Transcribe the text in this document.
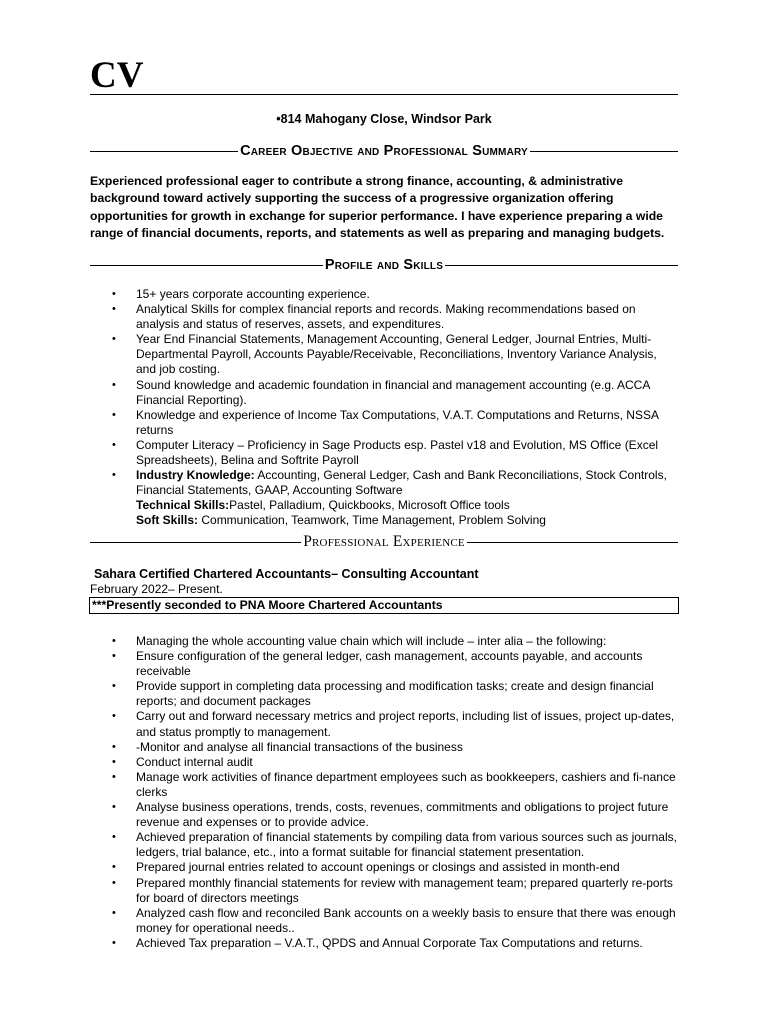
CV
•814 Mahogany Close, Windsor Park
Career Objective and Professional Summary
Experienced professional eager to contribute a strong finance, accounting, & administrative background toward actively supporting the success of a progressive organization offering opportunities for growth in exchange for superior performance. I have experience preparing a wide range of financial documents, reports, and statements as well as preparing and managing budgets.
Profile and Skills
• 15+ years corporate accounting experience.
• Analytical Skills for complex financial reports and records. Making recommendations based on analysis and status of reserves, assets, and expenditures.
• Year End Financial Statements, Management Accounting, General Ledger, Journal Entries, Multi-Departmental Payroll, Accounts Payable/Receivable, Reconciliations, Inventory Variance Analysis, and job costing.
• Sound knowledge and academic foundation in financial and management accounting (e.g. ACCA Financial Reporting).
• Knowledge and experience of Income Tax Computations, V.A.T. Computations and Returns, NSSA returns
• Computer Literacy – Proficiency in Sage Products esp. Pastel v18 and Evolution, MS Office (Excel Spreadsheets), Belina and Softrite Payroll
• Industry Knowledge: Accounting, General Ledger, Cash and Bank Reconciliations, Stock Controls, Financial Statements, GAAP, Accounting Software
Technical Skills:Pastel, Palladium, Quickbooks, Microsoft Office tools
Soft Skills: Communication, Teamwork, Time Management, Problem Solving
Professional Experience
Sahara Certified Chartered Accountants– Consulting Accountant
February 2022– Present.
***Presently seconded to PNA Moore Chartered Accountants
• Managing the whole accounting value chain which will include – inter alia – the following:
• Ensure configuration of the general ledger, cash management, accounts payable, and accounts receivable
• Provide support in completing data processing and modification tasks; create and design financial reports; and document packages
• Carry out and forward necessary metrics and project reports, including list of issues, project up-dates, and status promptly to management.
• -Monitor and analyse all financial transactions of the business
• Conduct internal audit
• Manage work activities of finance department employees such as bookkeepers, cashiers and fi-nance clerks
• Analyse business operations, trends, costs, revenues, commitments and obligations to project future revenue and expenses or to provide advice.
• Achieved preparation of financial statements by compiling data from various sources such as journals, ledgers, trial balance, etc., into a format suitable for financial statement presentation.
• Prepared journal entries related to account openings or closings and assisted in month-end
• Prepared monthly financial statements for review with management team; prepared quarterly re-ports for board of directors meetings
• Analyzed cash flow and reconciled Bank accounts on a weekly basis to ensure that there was enough money for operational needs..
• Achieved Tax preparation – V.A.T., QPDS and Annual Corporate Tax Computations and returns.
